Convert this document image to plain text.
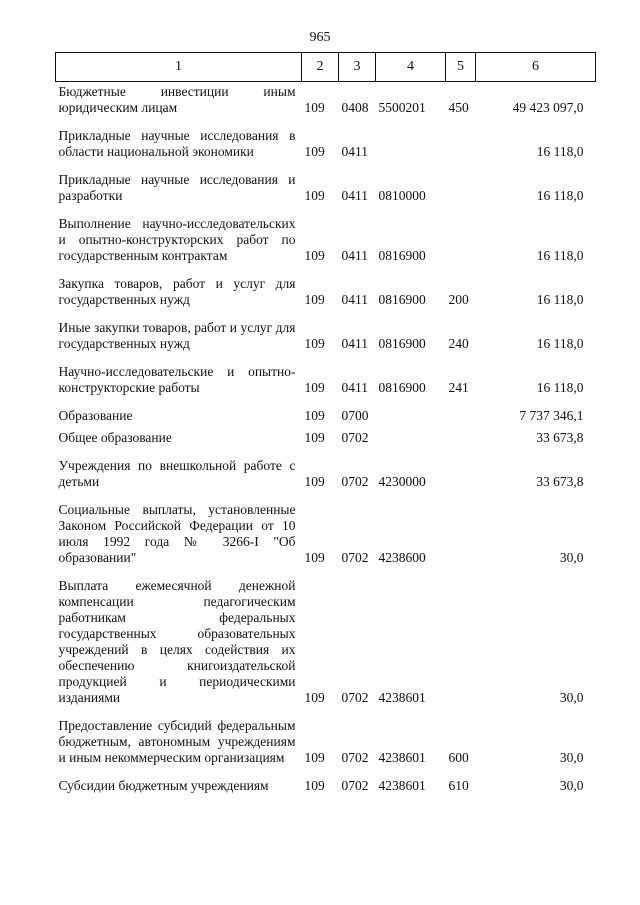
965
1	2	3	4	5	6
Бюджетные инвестиции иным юридическим лицам	109	0408	5500201	450	49 423 097,0
Прикладные научные исследования в области национальной экономики	109	0411			16 118,0
Прикладные научные исследования и разработки	109	0411	0810000		16 118,0
Выполнение научно-исследовательских и опытно-конструкторских работ по государственным контрактам	109	0411	0816900		16 118,0
Закупка товаров, работ и услуг для государственных нужд	109	0411	0816900	200	16 118,0
Иные закупки товаров, работ и услуг для государственных нужд	109	0411	0816900	240	16 118,0
Научно-исследовательские и опытно-конструкторские работы	109	0411	0816900	241	16 118,0
Образование	109	0700			7 737 346,1
Общее образование	109	0702			33 673,8
Учреждения по внешкольной работе с детьми	109	0702	4230000		33 673,8
Социальные выплаты, установленные Законом Российской Федерации от 10 июля 1992 года № 3266-I "Об образовании"	109	0702	4238600		30,0
Выплата ежемесячной денежной компенсации педагогическим работникам федеральных государственных образовательных учреждений в целях содействия их обеспечению книгоиздательской продукцией и периодическими изданиями	109	0702	4238601		30,0
Предоставление субсидий федеральным бюджетным, автономным учреждениям и иным некоммерческим организациям	109	0702	4238601	600	30,0
Субсидии бюджетным учреждениям	109	0702	4238601	610	30,0
